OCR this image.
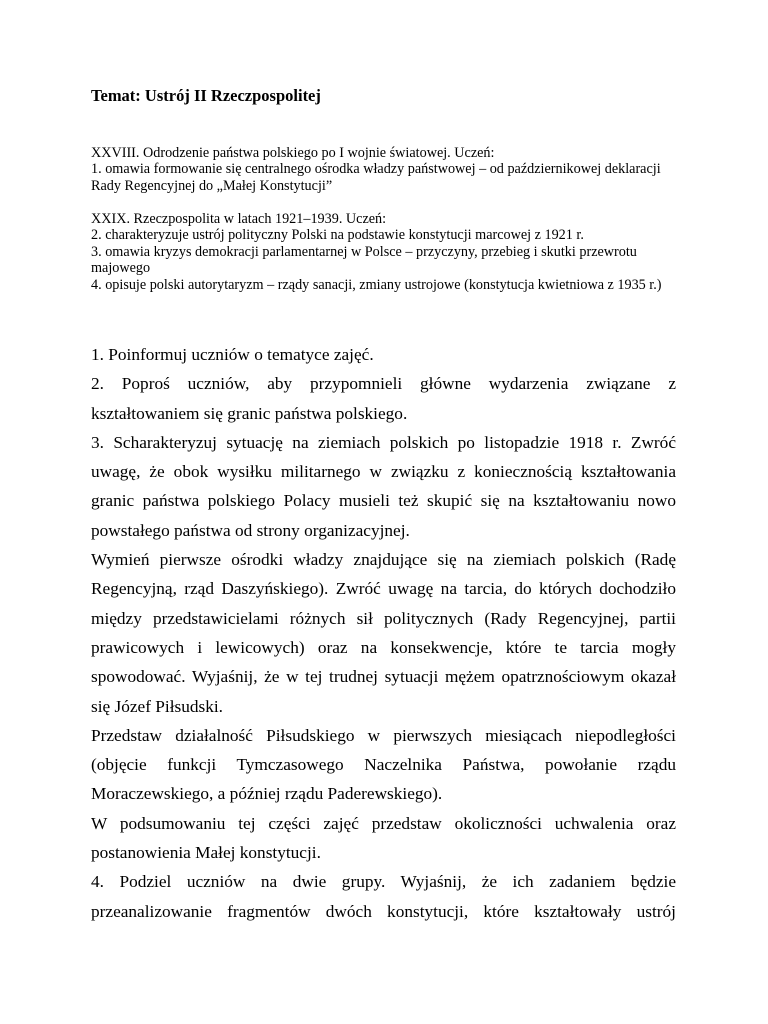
Temat: Ustrój II Rzeczpospolitej

XXVIII. Odrodzenie państwa polskiego po I wojnie światowej. Uczeń:

1. omawia formowanie się centralnego ośrodka władzy państwowej – od październikowej deklaracji Rady Regencyjnej do „Małej Konstytucji”

XXIX. Rzeczpospolita w latach 1921–1939. Uczeń:

2. charakteryzuje ustrój polityczny Polski na podstawie konstytucji marcowej z 1921 r.

3. omawia kryzys demokracji parlamentarnej w Polsce – przyczyny, przebieg i skutki przewrotu majowego

4. opisuje polski autorytaryzm – rządy sanacji, zmiany ustrojowe (konstytucja kwietniowa z 1935 r.)

1. Poinformuj uczniów o tematyce zajęć.

2. Poproś uczniów, aby przypomnieli główne wydarzenia związane z kształtowaniem się granic państwa polskiego.

3. Scharakteryzuj sytuację na ziemiach polskich po listopadzie 1918 r. Zwróć uwagę, że obok wysiłku militarnego w związku z koniecznością kształtowania granic państwa polskiego Polacy musieli też skupić się na kształtowaniu nowo powstałego państwa od strony organizacyjnej.

Wymień pierwsze ośrodki władzy znajdujące się na ziemiach polskich (Radę Regencyjną, rząd Daszyńskiego). Zwróć uwagę na tarcia, do których dochodziło między przedstawicielami różnych sił politycznych (Rady Regencyjnej, partii prawicowych i lewicowych) oraz na konsekwencje, które te tarcia mogły spowodować. Wyjaśnij, że w tej trudnej sytuacji mężem opatrznościowym okazał się Józef Piłsudski.

Przedstaw działalność Piłsudskiego w pierwszych miesiącach niepodległości (objęcie funkcji Tymczasowego Naczelnika Państwa, powołanie rządu Moraczewskiego, a później rządu Paderewskiego).

W podsumowaniu tej części zajęć przedstaw okoliczności uchwalenia oraz postanowienia Małej konstytucji.

4. Podziel uczniów na dwie grupy. Wyjaśnij, że ich zadaniem będzie przeanalizowanie fragmentów dwóch konstytucji, które kształtowały ustrój
